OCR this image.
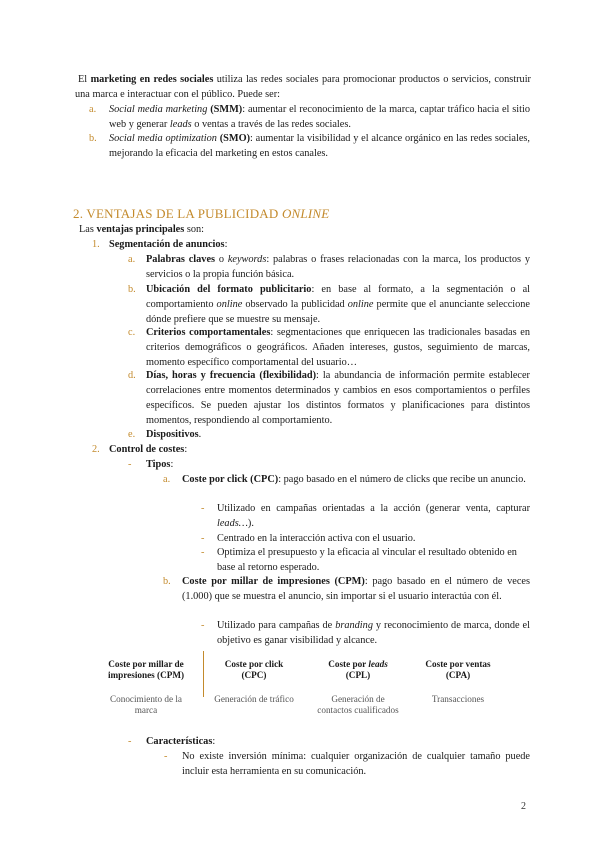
El marketing en redes sociales utiliza las redes sociales para promocionar productos o servicios, construir una marca e interactuar con el público. Puede ser:
a. Social media marketing (SMM): aumentar el reconocimiento de la marca, captar tráfico hacia el sitio web y generar leads o ventas a través de las redes sociales.
b. Social media optimization (SMO): aumentar la visibilidad y el alcance orgánico en las redes sociales, mejorando la eficacia del marketing en estos canales.
2. VENTAJAS DE LA PUBLICIDAD ONLINE
Las ventajas principales son:
1. Segmentación de anuncios:
a. Palabras claves o keywords: palabras o frases relacionadas con la marca, los productos y servicios o la propia función básica.
b. Ubicación del formato publicitario: en base al formato, a la segmentación o al comportamiento online observado la publicidad online permite que el anunciante seleccione dónde prefiere que se muestre su mensaje.
c. Criterios comportamentales: segmentaciones que enriquecen las tradicionales basadas en criterios demográficos o geográficos. Añaden intereses, gustos, seguimiento de marcas, momento específico comportamental del usuario…
d. Días, horas y frecuencia (flexibilidad): la abundancia de información permite establecer correlaciones entre momentos determinados y cambios en esos comportamientos o perfiles específicos. Se pueden ajustar los distintos formatos y planificaciones para distintos momentos, respondiendo al comportamiento.
e. Dispositivos.
2. Control de costes:
- Tipos:
a. Coste por click (CPC): pago basado en el número de clicks que recibe un anuncio.
- Utilizado en campañas orientadas a la acción (generar venta, capturar leads…).
- Centrado en la interacción activa con el usuario.
- Optimiza el presupuesto y la eficacia al vincular el resultado obtenido en base al retorno esperado.
b. Coste por millar de impresiones (CPM): pago basado en el número de veces (1.000) que se muestra el anuncio, sin importar si el usuario interactúa con él.
- Utilizado para campañas de branding y reconocimiento de marca, donde el objetivo es ganar visibilidad y alcance.
Coste por millar de
impresiones (CPM)
Coste por click
(CPC)
Coste por leads
(CPL)
Coste por ventas
(CPA)
Conocimiento de la
marca
Generación de tráfico	Generación de
contactos cualificados
Transacciones
- Características:
- No existe inversión mínima: cualquier organización de cualquier tamaño puede incluir esta herramienta en su comunicación.
2
